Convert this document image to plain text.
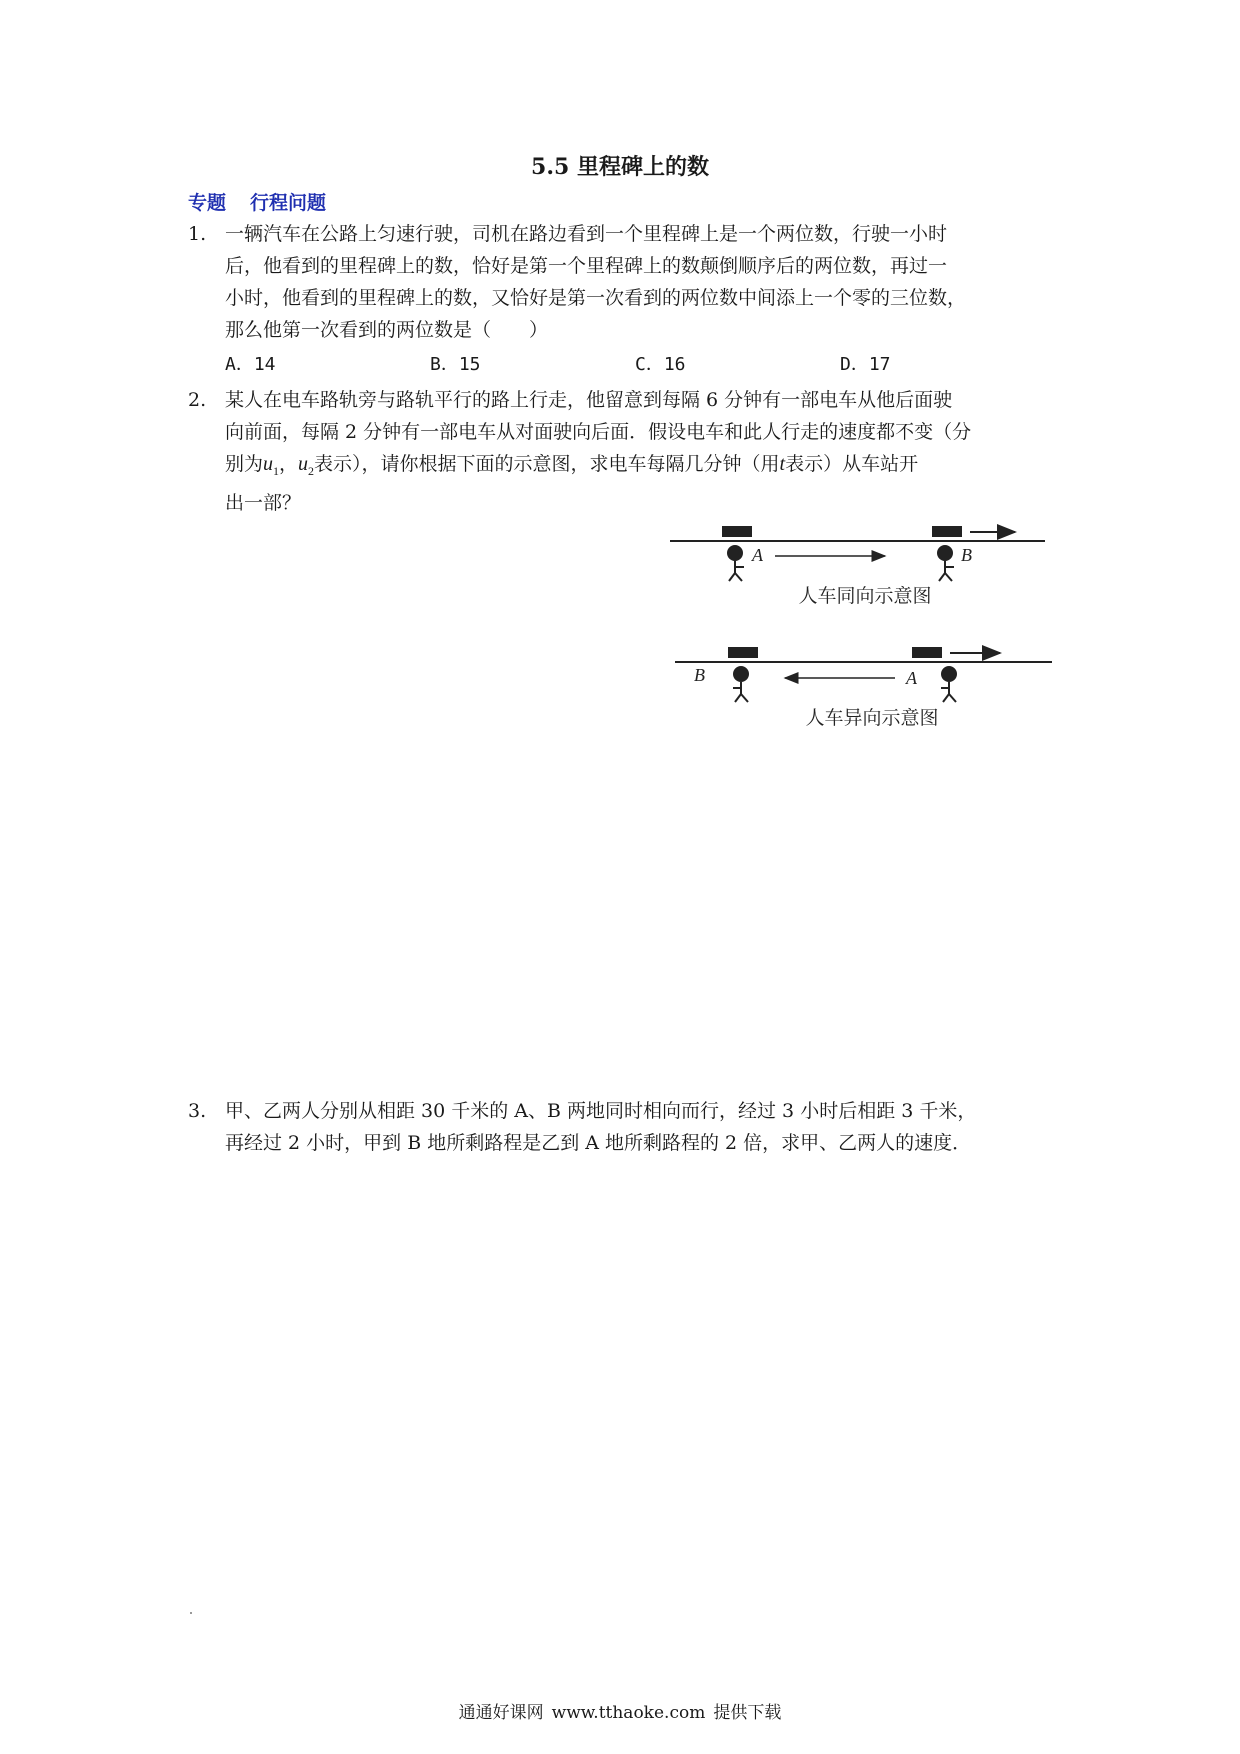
5.5 里程碑上的数
专题 行程问题
1. 一辆汽车在公路上匀速行驶，司机在路边看到一个里程碑上是一个两位数，行驶一小时
后，他看到的里程碑上的数，恰好是第一个里程碑上的数颠倒顺序后的两位数，再过一
小时，他看到的里程碑上的数，又恰好是第一次看到的两位数中间添上一个零的三位数，
那么他第一次看到的两位数是（　　）
A．14	B．15	C．16	D．17
2. 某人在电车路轨旁与路轨平行的路上行走，他留意到每隔 6 分钟有一部电车从他后面驶
向前面，每隔 2 分钟有一部电车从对面驶向后面．假设电车和此人行走的速度都不变（分
别为$u_1$，$u_2$表示），请你根据下面的示意图，求电车每隔几分钟（用t表示）从车站开
出一部？
A	B
人车同向示意图
B	A
人车异向示意图
3. 甲、乙两人分别从相距 30 千米的 A、B 两地同时相向而行，经过 3 小时后相距 3 千米，
再经过 2 小时，甲到 B 地所剩路程是乙到 A 地所剩路程的 2 倍，求甲、乙两人的速度．
通通好课网 www.tthaoke.com 提供下载
